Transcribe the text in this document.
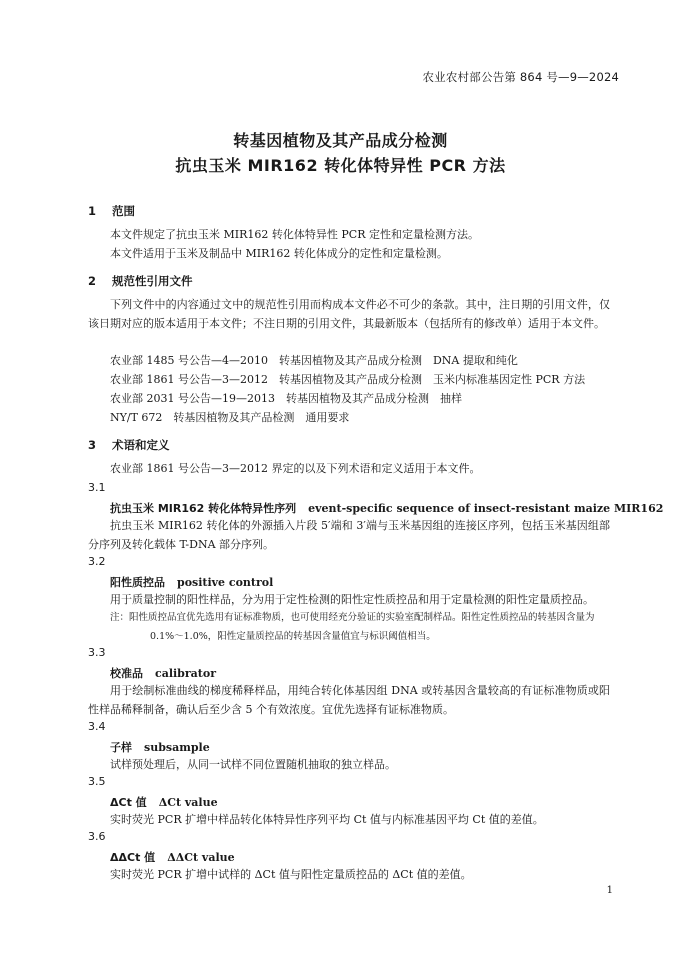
农业农村部公告第 864 号—9—2024
转基因植物及其产品成分检测
抗虫玉米 MIR162 转化体特异性 PCR 方法
1 范围
本文件规定了抗虫玉米 MIR162 转化体特异性 PCR 定性和定量检测方法。
本文件适用于玉米及制品中 MIR162 转化体成分的定性和定量检测。
2 规范性引用文件
下列文件中的内容通过文中的规范性引用而构成本文件必不可少的条款。其中，注日期的引用文件，仅该日期对应的版本适用于本文件；不注日期的引用文件，其最新版本（包括所有的修改单）适用于本文件。
农业部 1485 号公告—4—2010　转基因植物及其产品成分检测　DNA 提取和纯化
农业部 1861 号公告—3—2012　转基因植物及其产品成分检测　玉米内标准基因定性 PCR 方法
农业部 2031 号公告—19—2013　转基因植物及其产品成分检测　抽样
NY/T 672　转基因植物及其产品检测　通用要求
3 术语和定义
农业部 1861 号公告—3—2012 界定的以及下列术语和定义适用于本文件。
3.1
抗虫玉米 MIR162 转化体特异性序列 event-specific sequence of insect-resistant maize MIR162
抗虫玉米 MIR162 转化体的外源插入片段 5′端和 3′端与玉米基因组的连接区序列，包括玉米基因组部分序列及转化载体 T-DNA 部分序列。
3.2
阳性质控品 positive control
用于质量控制的阳性样品，分为用于定性检测的阳性定性质控品和用于定量检测的阳性定量质控品。
注：阳性质控品宜优先选用有证标准物质，也可使用经充分验证的实验室配制样品。阳性定性质控品的转基因含量为
0.1%～1.0%，阳性定量质控品的转基因含量值宜与标识阈值相当。
3.3
校准品 calibrator
用于绘制标准曲线的梯度稀释样品，用纯合转化体基因组 DNA 或转基因含量较高的有证标准物质或阳性样品稀释制备，确认后至少含 5 个有效浓度。宜优先选择有证标准物质。
3.4
子样 subsample
试样预处理后，从同一试样不同位置随机抽取的独立样品。
3.5
ΔCt 值 ΔCt value
实时荧光 PCR 扩增中样品转化体特异性序列平均 Ct 值与内标准基因平均 Ct 值的差值。
3.6
ΔΔCt 值 ΔΔCt value
实时荧光 PCR 扩增中试样的 ΔCt 值与阳性定量质控品的 ΔCt 值的差值。
1
